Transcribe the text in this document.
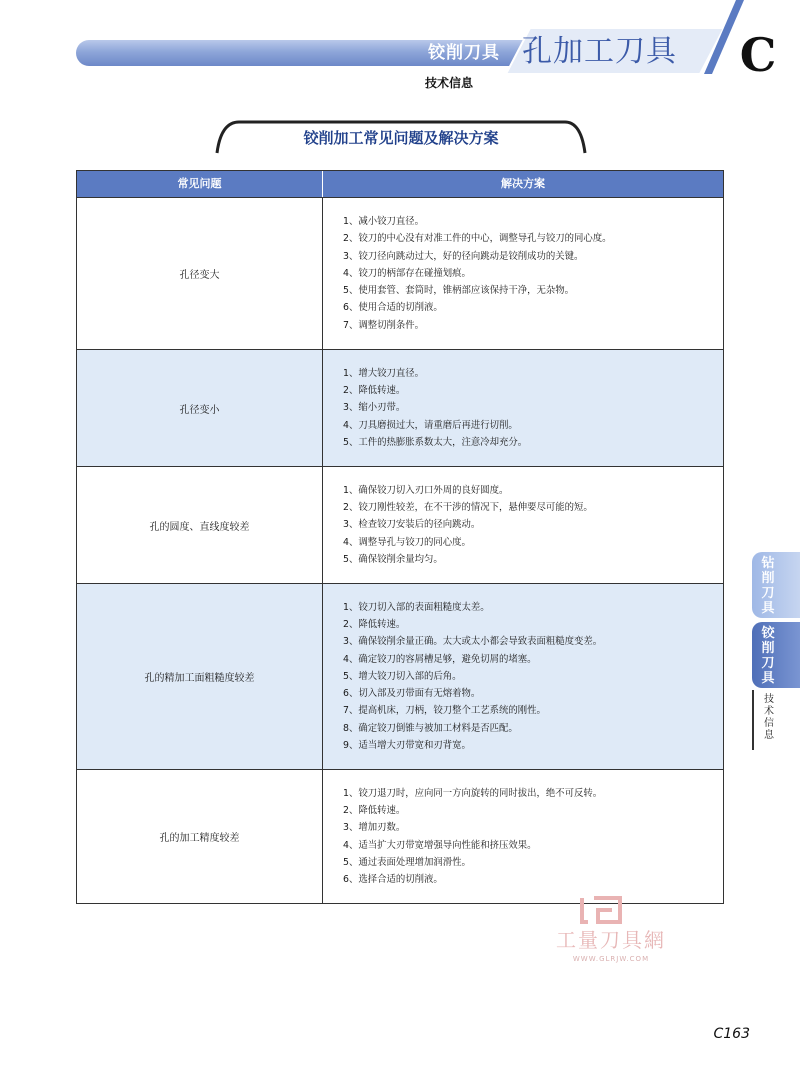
铰削刀具 孔加工刀具	C
技术信息
铰削加工常见问题及解决方案
常见问题	解决方案
孔径变大
1、减小铰刀直径。
2、铰刀的中心没有对准工件的中心，调整导孔与铰刀的同心度。
3、铰刀径向跳动过大，好的径向跳动是铰削成功的关键。
4、铰刀的柄部存在碰撞划痕。
5、使用套管、套筒时，锥柄部应该保持干净，无杂物。
6、使用合适的切削液。
7、调整切削条件。
孔径变小
1、增大铰刀直径。
2、降低转速。
3、缩小刃带。
4、刀具磨损过大，请重磨后再进行切削。
5、工件的热膨胀系数太大，注意冷却充分。
孔的圆度、直线度较差
1、确保铰刀切入刃口外周的良好圆度。
2、铰刀刚性较差，在不干涉的情况下，悬伸要尽可能的短。
3、检查铰刀安装后的径向跳动。
4、调整导孔与铰刀的同心度。
5、确保铰削余量均匀。
孔的精加工面粗糙度较差
1、铰刀切入部的表面粗糙度太差。
2、降低转速。
3、确保铰削余量正确。太大或太小都会导致表面粗糙度变差。
4、确定铰刀的容屑槽足够，避免切屑的堵塞。
5、增大铰刀切入部的后角。
6、切入部及刃带面有无熔着物。
7、提高机床，刀柄，铰刀整个工艺系统的刚性。
8、确定铰刀倒锥与被加工材料是否匹配。
9、适当增大刃带宽和刃背宽。
孔的加工精度较差
1、铰刀退刀时，应向同一方向旋转的同时拔出，绝不可反转。
2、降低转速。
3、增加刃数。
4、适当扩大刃带宽增强导向性能和挤压效果。
5、通过表面处理增加润滑性。
6、选择合适的切削液。
钻削刀具
铰削刀具
技术信息
工量刀具網
WWW.GLRJW.COM
C163
